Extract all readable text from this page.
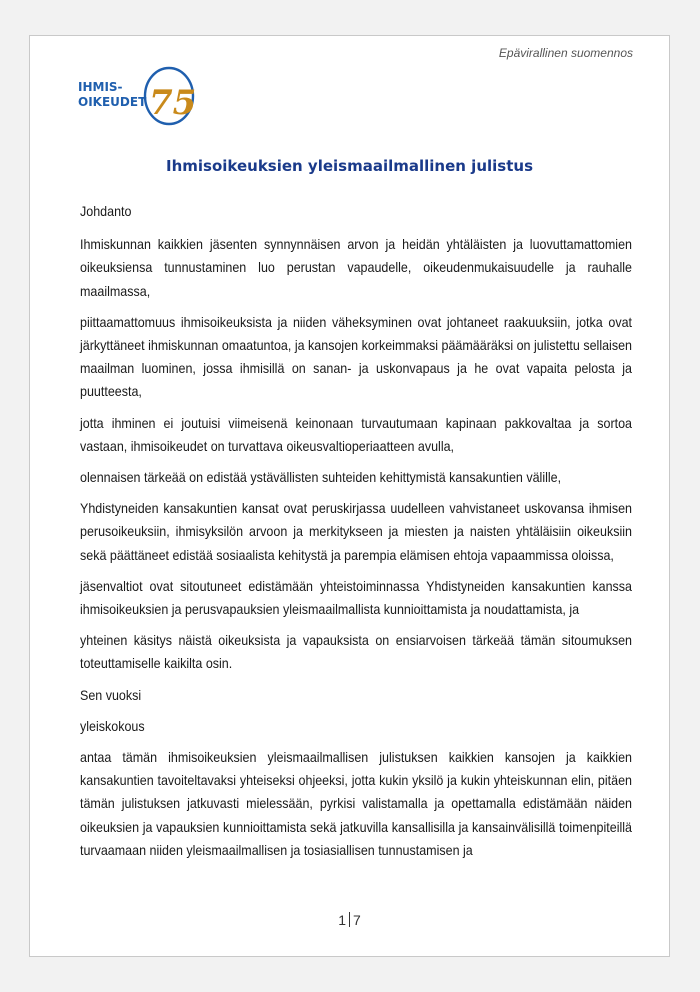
Epävirallinen suomennos
IHMIS-
OIKEUDET 75
Ihmisoikeuksien yleismaailmallinen julistus

Johdanto

Ihmiskunnan kaikkien jäsenten synnynnäisen arvon ja heidän yhtäläisten ja luovuttamattomien oikeuksiensa tunnustaminen luo perustan vapaudelle, oikeudenmukaisuudelle ja rauhalle maailmassa,

piittaamattomuus ihmisoikeuksista ja niiden väheksyminen ovat johtaneet raakuuksiin, jotka ovat järkyttäneet ihmiskunnan omaatuntoa, ja kansojen korkeimmaksi päämääräksi on julistettu sellaisen maailman luominen, jossa ihmisillä on sanan- ja uskonvapaus ja he ovat vapaita pelosta ja puutteesta,

jotta ihminen ei joutuisi viimeisenä keinonaan turvautumaan kapinaan pakkovaltaa ja sortoa vastaan, ihmisoikeudet on turvattava oikeusvaltioperiaatteen avulla,

olennaisen tärkeää on edistää ystävällisten suhteiden kehittymistä kansakuntien välille,

Yhdistyneiden kansakuntien kansat ovat peruskirjassa uudelleen vahvistaneet uskovansa ihmisen perusoikeuksiin, ihmisyksilön arvoon ja merkitykseen ja miesten ja naisten yhtäläisiin oikeuksiin sekä päättäneet edistää sosiaalista kehitystä ja parempia elämisen ehtoja vapaammissa oloissa,

jäsenvaltiot ovat sitoutuneet edistämään yhteistoiminnassa Yhdistyneiden kansakuntien kanssa ihmisoikeuksien ja perusvapauksien yleismaailmallista kunnioittamista ja noudattamista, ja

yhteinen käsitys näistä oikeuksista ja vapauksista on ensiarvoisen tärkeää tämän sitoumuksen toteuttamiselle kaikilta osin.

Sen vuoksi

yleiskokous

antaa tämän ihmisoikeuksien yleismaailmallisen julistuksen kaikkien kansojen ja kaikkien kansakuntien tavoiteltavaksi yhteiseksi ohjeeksi, jotta kukin yksilö ja kukin yhteiskunnan elin, pitäen tämän julistuksen jatkuvasti mielessään, pyrkisi valistamalla ja opettamalla edistämään näiden oikeuksien ja vapauksien kunnioittamista sekä jatkuvilla kansallisilla ja kansainvälisillä toimenpiteillä turvaamaan niiden yleismaailmallisen ja tosiasiallisen tunnustamisen ja

1 7
